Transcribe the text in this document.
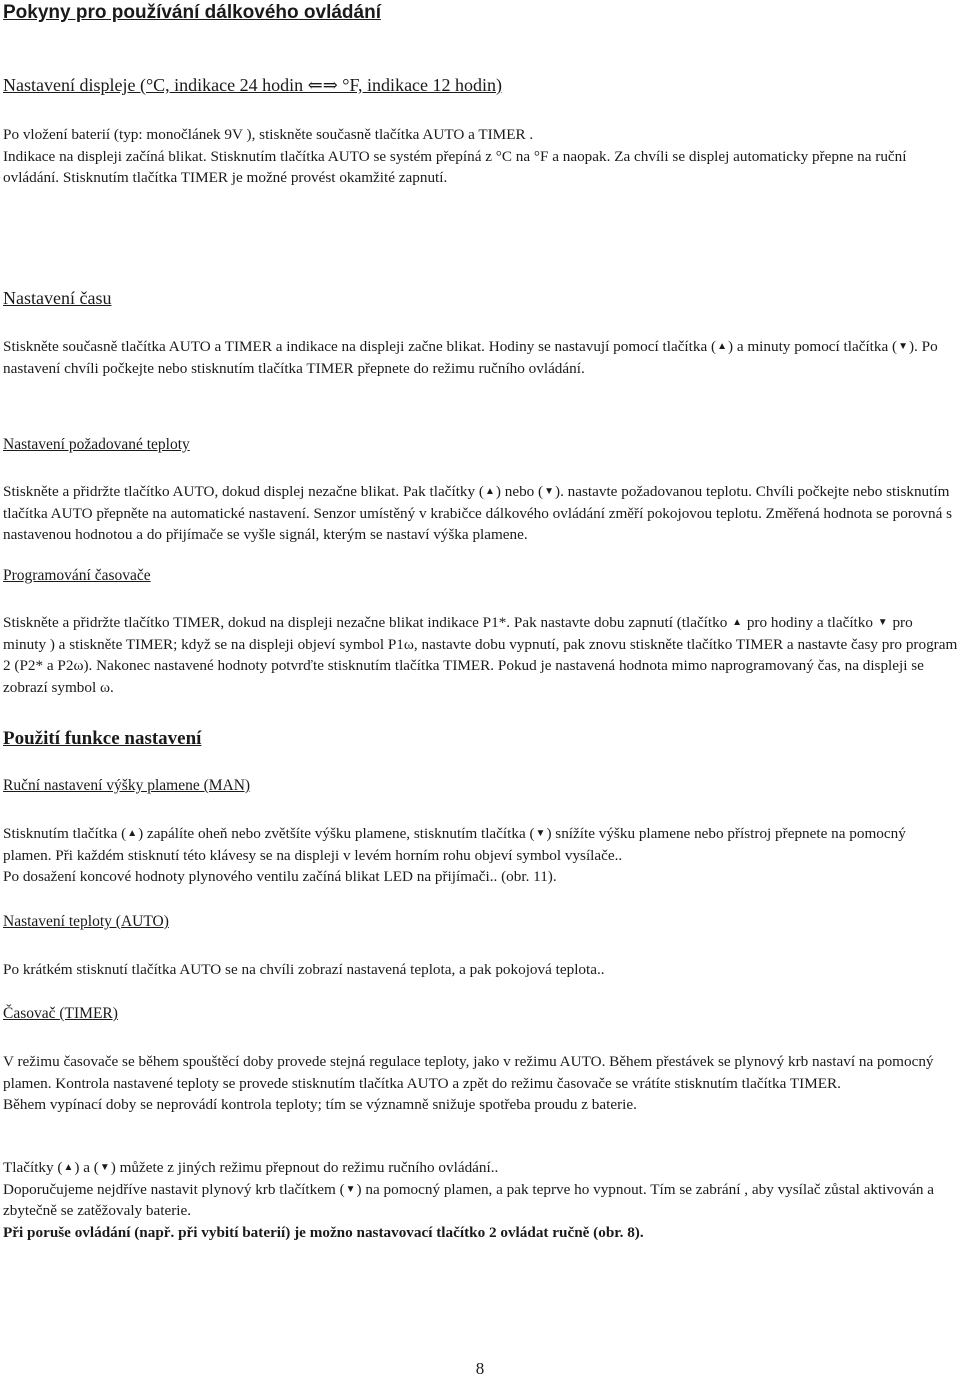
Pokyny pro používání dálkového ovládání
Nastavení displeje (°C, indikace 24 hodin ⇐⇒ °F, indikace 12 hodin)

Po vložení baterií (typ: monočlánek 9V ), stiskněte současně tlačítka AUTO a TIMER .

Indikace na displeji začíná blikat. Stisknutím tlačítka AUTO se systém přepíná z °C na °F a naopak. Za chvíli se displej automaticky přepne na ruční ovládání. Stisknutím tlačítka TIMER je možné provést okamžité zapnutí.

Nastavení času
Stiskněte současně tlačítka AUTO a TIMER a indikace na displeji začne blikat. Hodiny se nastavují pomocí tlačítka (▲) a minuty pomocí tlačítka (▼). Po nastavení chvíli počkejte nebo stisknutím tlačítka TIMER přepnete do režimu ručního ovládání.
Nastavení požadované teploty
Stiskněte a přidržte tlačítko AUTO, dokud displej nezačne blikat. Pak tlačítky (▲) nebo (▼). nastavte požadovanou teplotu. Chvíli počkejte nebo stisknutím tlačítka AUTO přepněte na automatické nastavení. Senzor umístěný v krabičce dálkového ovládání změří pokojovou teplotu. Změřená hodnota se porovná s nastavenou hodnotou a do přijímače se vyšle signál, kterým se nastaví výška plamene.
Programování časovače
Stiskněte a přidržte tlačítko TIMER, dokud na displeji nezačne blikat indikace P1*. Pak nastavte dobu zapnutí (tlačítko ▲ pro hodiny a tlačítko ▼ pro minuty ) a stiskněte TIMER; když se na displeji objeví symbol P1ω, nastavte dobu vypnutí, pak znovu stiskněte tlačítko TIMER a nastavte časy pro program 2 (P2* a P2ω). Nakonec nastavené hodnoty potvrďte stisknutím tlačítka TIMER. Pokud je nastavená hodnota mimo naprogramovaný čas, na displeji se zobrazí symbol ω.
Použití funkce nastavení
Ruční nastavení výšky plamene (MAN)

Stisknutím tlačítka (▲) zapálíte oheň nebo zvětšíte výšku plamene, stisknutím tlačítka (▼) snížíte výšku plamene nebo přístroj přepnete na pomocný plamen. Při každém stisknutí této klávesy se na displeji v levém horním rohu objeví symbol vysílače..

Po dosažení koncové hodnoty plynového ventilu začíná blikat LED na přijímači.. (obr. 11).

Nastavení teploty (AUTO)
Po krátkém stisknutí tlačítka AUTO se na chvíli zobrazí nastavená teplota, a pak pokojová teplota..
Časovač (TIMER)

V režimu časovače se během spouštěcí doby provede stejná regulace teploty, jako v režimu AUTO. Během přestávek se plynový krb nastaví na pomocný plamen. Kontrola nastavené teploty se provede stisknutím tlačítka AUTO a zpět do režimu časovače se vrátíte stisknutím tlačítka TIMER.

Během vypínací doby se neprovádí kontrola teploty; tím se významně snižuje spotřeba proudu z baterie.

Tlačítky (▲) a (▼) můžete z jiných režimu přepnout do režimu ručního ovládání..

Doporučujeme nejdříve nastavit plynový krb tlačítkem (▼) na pomocný plamen, a pak teprve ho vypnout. Tím se zabrání , aby vysílač zůstal aktivován a zbytečně se zatěžovaly baterie.

Při poruše ovládání (např. při vybití baterií) je možno nastavovací tlačítko 2 ovládat ručně (obr. 8).

8
